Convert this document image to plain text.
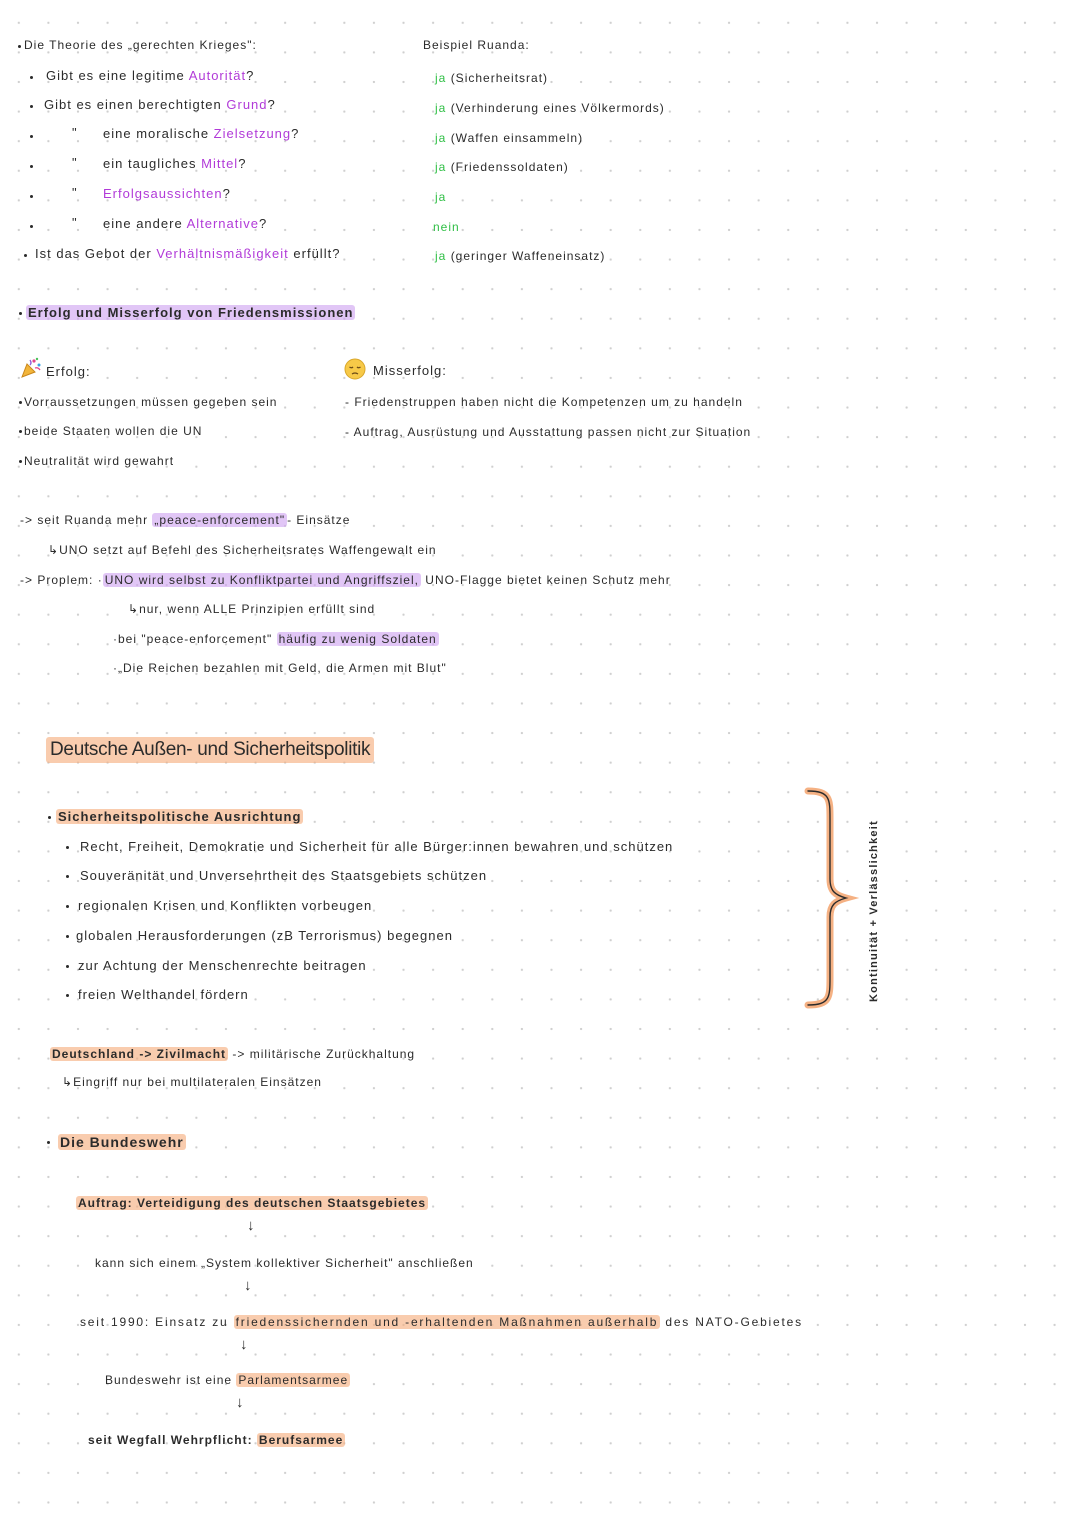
Die Theorie des „gerechten Krieges":
Gibt es eine legitime Autorität?
Gibt es einen berechtigten Grund?
" eine moralische Zielsetzung?
" ein taugliches Mittel?
" Erfolgsaussichten?
" eine andere Alternative?
Ist das Gebot der Verhältnismäßigkeit erfüllt?
Beispiel Ruanda:
ja (Sicherheitsrat)
ja (Verhinderung eines Völkermords)
ja (Waffen einsammeln)
ja (Friedenssoldaten)
ja
nein
ja (geringer Waffeneinsatz)
Erfolg und Misserfolg von Friedensmissionen
Erfolg:
Vorraussetzungen müssen gegeben sein
beide Staaten wollen die UN
Neutralität wird gewahrt
Misserfolg:
- Friedenstruppen haben nicht die Kompetenzen um zu handeln
- Auftrag, Ausrüstung und Ausstattung passen nicht zur Situation
-> seit Ruanda mehr „peace-enforcement" - Einsätze
↳UNO setzt auf Befehl des Sicherheitsrates Waffengewalt ein
-> Proplem: · UNO wird selbst zu Konfliktpartei und Angriffsziel, UNO-Flagge bietet keinen Schutz mehr
↳nur, wenn ALLE Prinzipien erfüllt sind
·bei "peace-enforcement" häufig zu wenig Soldaten
·„Die Reichen bezahlen mit Geld, die Armen mit Blut"
Deutsche Außen- und Sicherheitspolitik
Sicherheitspolitische Ausrichtung
Recht, Freiheit, Demokratie und Sicherheit für alle Bürger:innen bewahren und schützen
Souveränität und Unversehrtheit des Staatsgebiets schützen
regionalen Krisen und Konflikten vorbeugen
globalen Herausforderungen (zB Terrorismus) begegnen
zur Achtung der Menschenrechte beitragen
freien Welthandel fördern	Kontinuität + Verlässlichkeit
Deutschland -> Zivilmacht -> militärische Zurückhaltung
↳Eingriff nur bei multilateralen Einsätzen
Die Bundeswehr
Auftrag: Verteidigung des deutschen Staatsgebietes
↓
kann sich einem „System kollektiver Sicherheit" anschließen
↓
seit 1990: Einsatz zu friedenssichernden und -erhaltenden Maßnahmen außerhalb des NATO-Gebietes
↓
Bundeswehr ist eine Parlamentsarmee
↓
seit Wegfall Wehrpflicht: Berufsarmee
